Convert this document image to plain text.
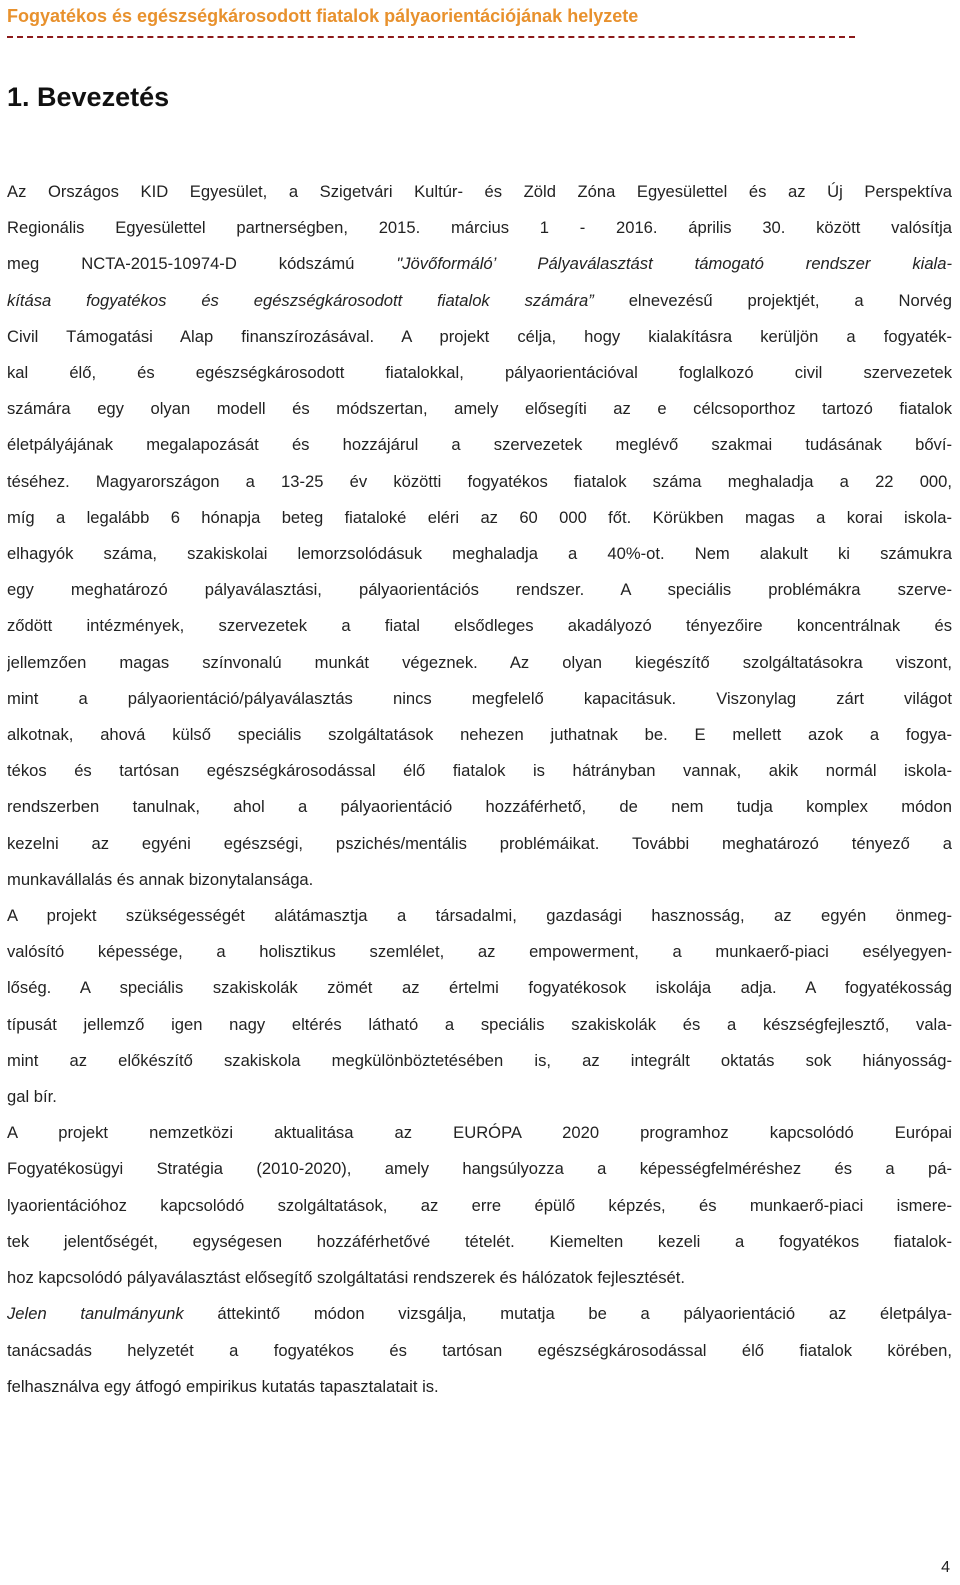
Fogyatékos és egészségkárosodott fiatalok pályaorientációjának helyzete
1. Bevezetés

Az Országos KID Egyesület, a Szigetvári Kultúr- és Zöld Zóna Egyesülettel és az Új Perspektíva
Regionális Egyesülettel partnerségben, 2015. március 1 - 2016. április 30. között valósítja
meg NCTA-2015-10974-D kódszámú "Jövőformáló’ Pályaválasztást támogató rendszer kiala-
kítása fogyatékos és egészségkárosodott fiatalok számára” elnevezésű projektjét, a Norvég
Civil Támogatási Alap finanszírozásával. A projekt célja, hogy kialakításra kerüljön a fogyaték-
kal élő, és egészségkárosodott fiatalokkal, pályaorientációval foglalkozó civil szervezetek
számára egy olyan modell és módszertan, amely elősegíti az e célcsoporthoz tartozó fiatalok
életpályájának megalapozását és hozzájárul a szervezetek meglévő szakmai tudásának bőví-
téséhez. Magyarországon a 13-25 év közötti fogyatékos fiatalok száma meghaladja a 22 000,
míg a legalább 6 hónapja beteg fiataloké eléri az 60 000 főt. Körükben magas a korai iskola-
elhagyók száma, szakiskolai lemorzsolódásuk meghaladja a 40%-ot. Nem alakult ki számukra
egy meghatározó pályaválasztási, pályaorientációs rendszer. A speciális problémákra szerve-
ződött intézmények, szervezetek a fiatal elsődleges akadályozó tényezőire koncentrálnak és
jellemzően magas színvonalú munkát végeznek. Az olyan kiegészítő szolgáltatásokra viszont,
mint a pályaorientáció/pályaválasztás nincs megfelelő kapacitásuk. Viszonylag zárt világot
alkotnak, ahová külső speciális szolgáltatások nehezen juthatnak be. E mellett azok a fogya-
tékos és tartósan egészségkárosodással élő fiatalok is hátrányban vannak, akik normál iskola-
rendszerben tanulnak, ahol a pályaorientáció hozzáférhető, de nem tudja komplex módon
kezelni az egyéni egészségi, pszichés/mentális problémáikat. További meghatározó tényező a
munkavállalás és annak bizonytalansága.

A projekt szükségességét alátámasztja a társadalmi, gazdasági hasznosság, az egyén önmeg-
valósító képessége, a holisztikus szemlélet, az empowerment, a munkaerő-piaci esélyegyen-
lőség. A speciális szakiskolák zömét az értelmi fogyatékosok iskolája adja. A fogyatékosság
típusát jellemző igen nagy eltérés látható a speciális szakiskolák és a készségfejlesztő, vala-
mint az előkészítő szakiskola megkülönböztetésében is, az integrált oktatás sok hiányosság-
gal bír.

A projekt nemzetközi aktualitása az EURÓPA 2020 programhoz kapcsolódó Európai
Fogyatékosügyi Stratégia (2010-2020), amely hangsúlyozza a képességfelméréshez és a pá-
lyaorientációhoz kapcsolódó szolgáltatások, az erre épülő képzés, és munkaerő-piaci ismere-
tek jelentőségét, egységesen hozzáférhetővé tételét. Kiemelten kezeli a fogyatékos fiatalok-
hoz kapcsolódó pályaválasztást elősegítő szolgáltatási rendszerek és hálózatok fejlesztését.

Jelen tanulmányunk áttekintő módon vizsgálja, mutatja be a pályaorientáció az életpálya-
tanácsadás helyzetét a fogyatékos és tartósan egészségkárosodással élő fiatalok körében,
felhasználva egy átfogó empirikus kutatás tapasztalatait is.

4
